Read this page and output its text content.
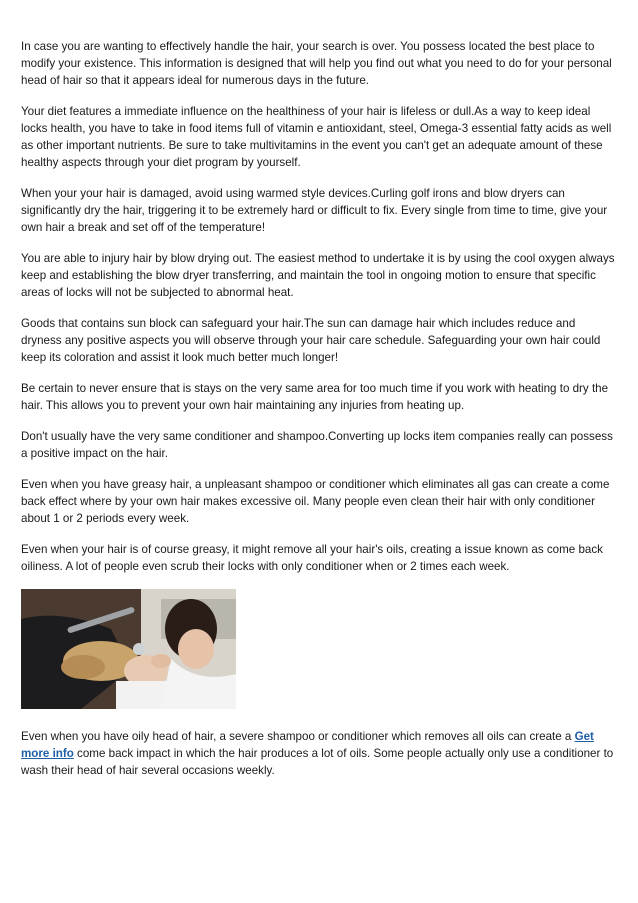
In case you are wanting to effectively handle the hair, your search is over. You possess located the best place to modify your existence. This information is designed that will help you find out what you need to do for your personal head of hair so that it appears ideal for numerous days in the future.

Your diet features a immediate influence on the healthiness of your hair is lifeless or dull.As a way to keep ideal locks health, you have to take in food items full of vitamin e antioxidant, steel, Omega-3 essential fatty acids as well as other important nutrients. Be sure to take multivitamins in the event you can't get an adequate amount of these healthy aspects through your diet program by yourself.

When your your hair is damaged, avoid using warmed style devices.Curling golf irons and blow dryers can significantly dry the hair, triggering it to be extremely hard or difficult to fix. Every single from time to time, give your own hair a break and set off of the temperature!

You are able to injury hair by blow drying out. The easiest method to undertake it is by using the cool oxygen always keep and establishing the blow dryer transferring, and maintain the tool in ongoing motion to ensure that specific areas of locks will not be subjected to abnormal heat.

Goods that contains sun block can safeguard your hair.The sun can damage hair which includes reduce and dryness any positive aspects you will observe through your hair care schedule. Safeguarding your own hair could keep its coloration and assist it look much better much longer!

Be certain to never ensure that is stays on the very same area for too much time if you work with heating to dry the hair. This allows you to prevent your own hair maintaining any injuries from heating up.

Don't usually have the very same conditioner and shampoo.Converting up locks item companies really can possess a positive impact on the hair.

Even when you have greasy hair, a unpleasant shampoo or conditioner which eliminates all gas can create a come back effect where by your own hair makes excessive oil. Many people even clean their hair with only conditioner about 1 or 2 periods every week.

Even when your hair is of course greasy, it might remove all your hair's oils, creating a issue known as come back oiliness. A lot of people even scrub their locks with only conditioner when or 2 times each week.

Even when you have oily head of hair, a severe shampoo or conditioner which removes all oils can create a Get more info come back impact in which the hair produces a lot of oils. Some people actually only use a conditioner to wash their head of hair several occasions weekly.
